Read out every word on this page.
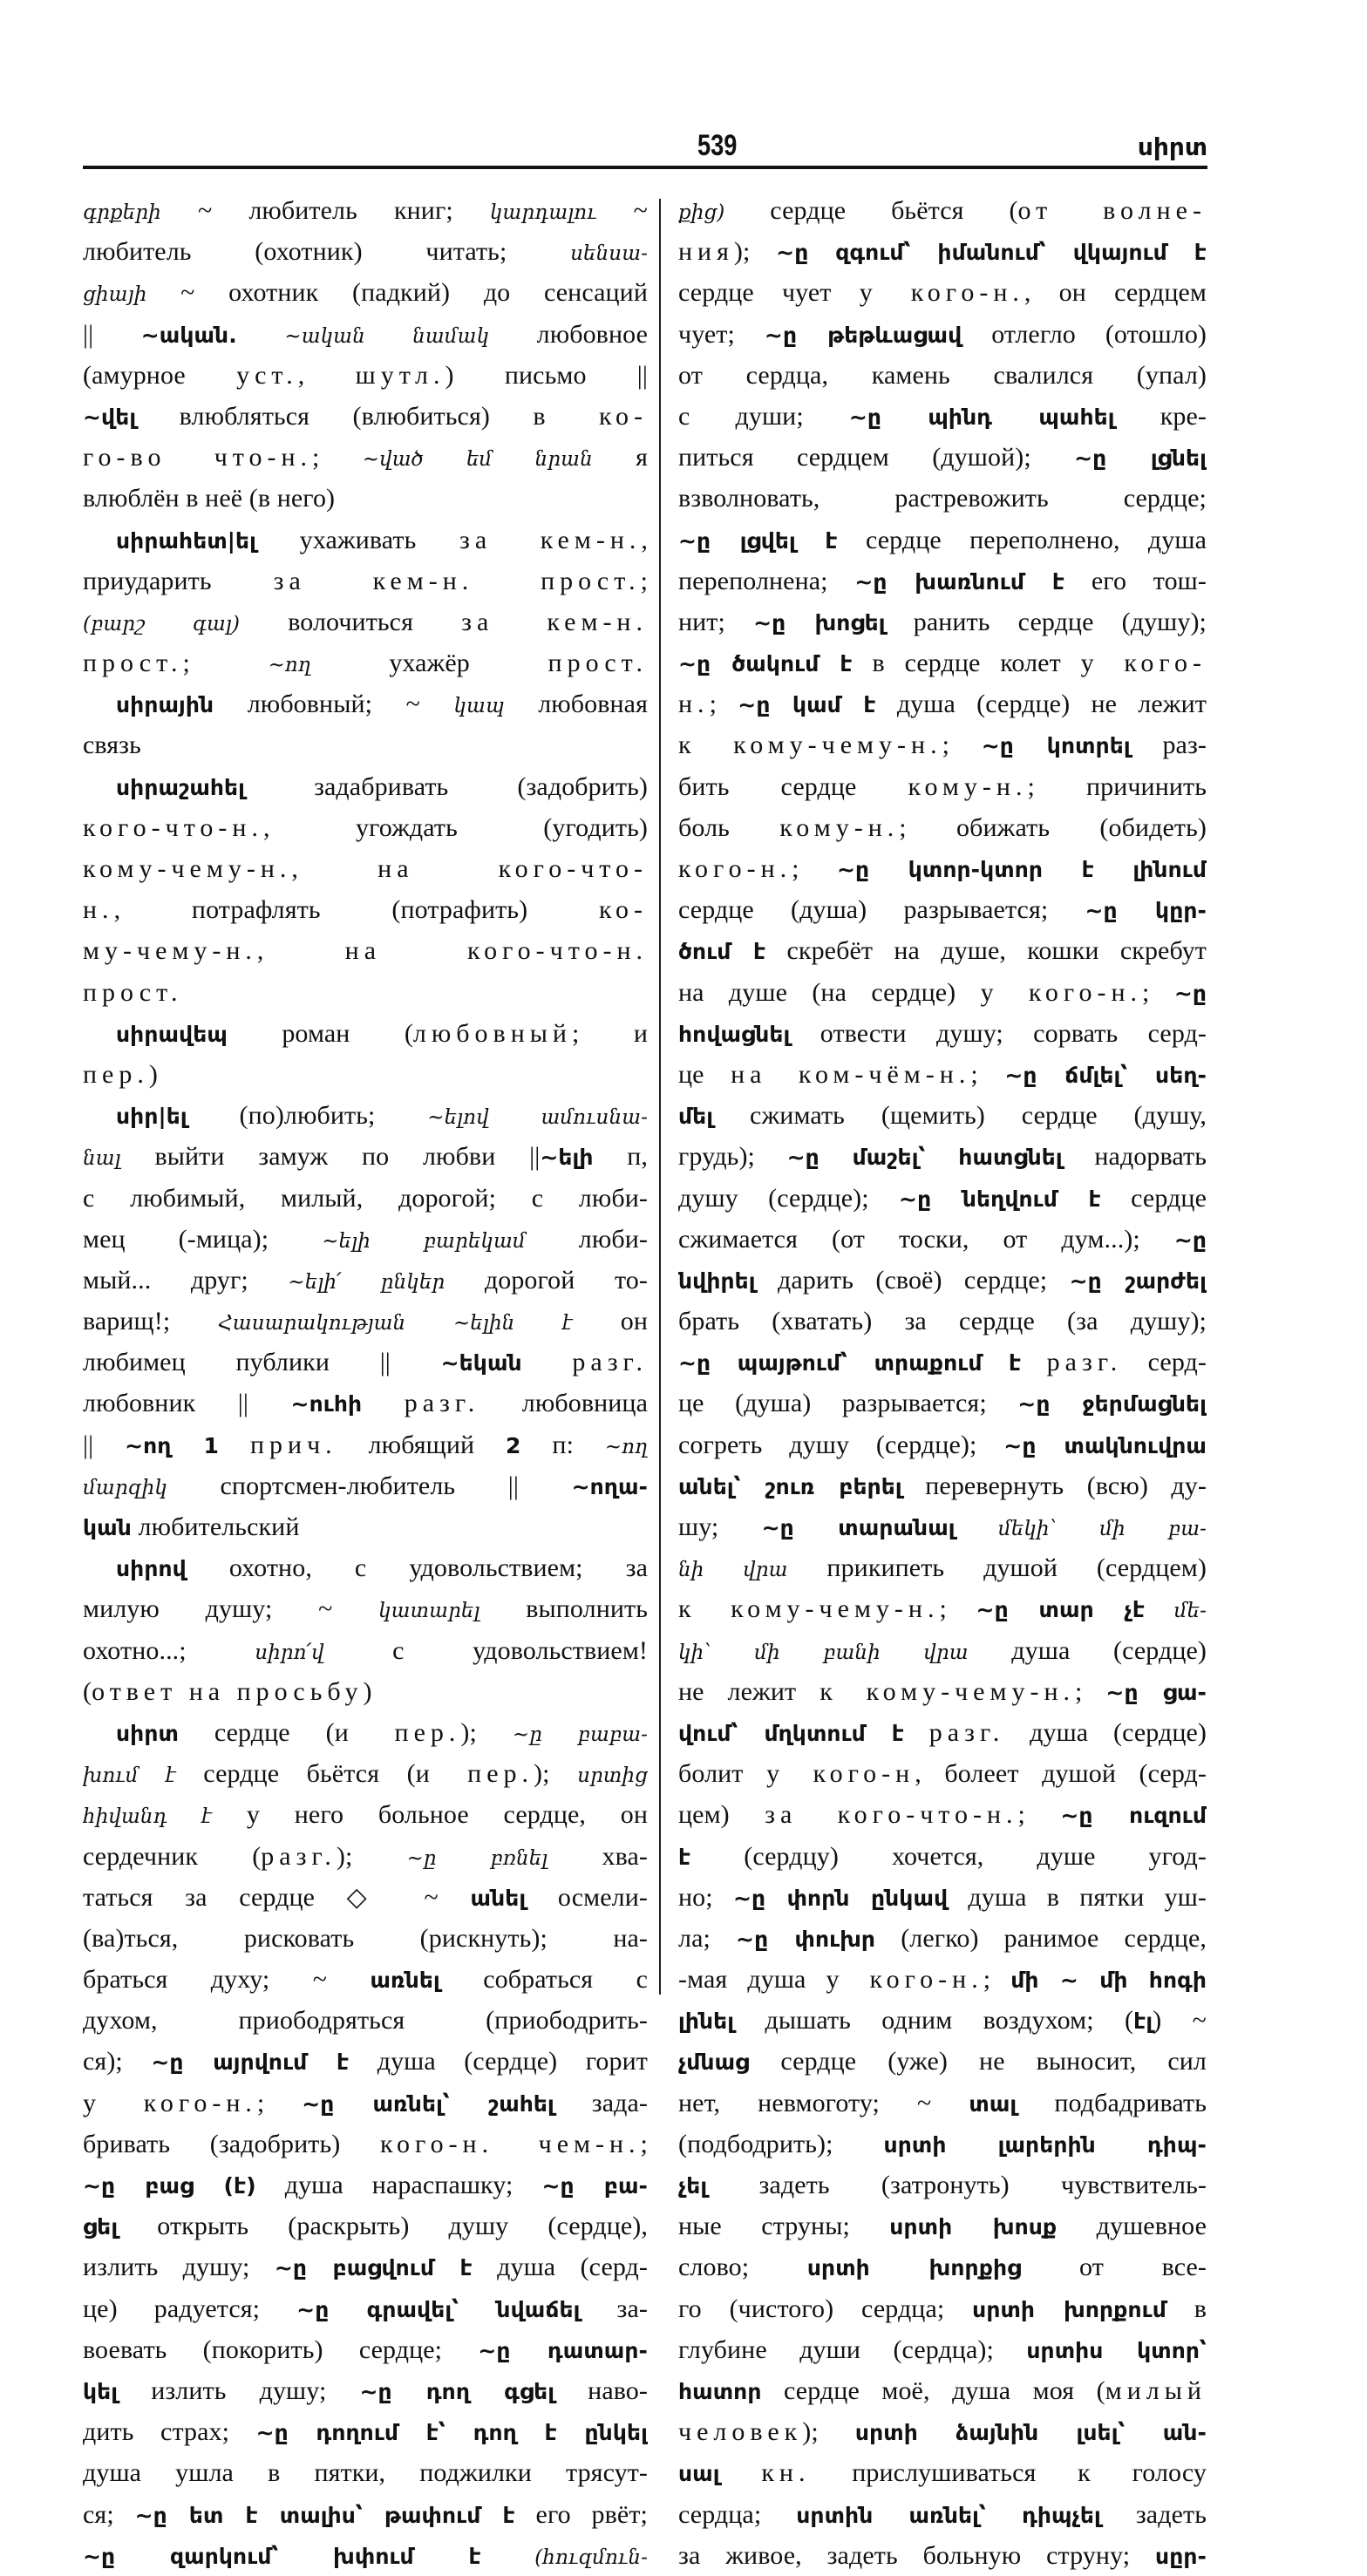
539	սիրտ
գրքերի ~ любитель книг; կարդալու ~
любитель (охотник) читать; սենսա-
ցիայի ~ охотник (падкий) до сенсаций
|| ~ական. ~ական նամակ любовное
(амурное уст., шутл.) письмо ||
~վել влюбляться (влюбиться) в ко-
го-во что-н.; ~ված եմ նրան я
влюблён в неё (в него)
սիրահետ|ել ухаживать за кем-н.,
приударить за кем-н. прост.;
(բարշ գալ) волочиться за кем-н.
прост.; ~ող ухажёр прост.
սիրային любовный; ~ կապ любовная
связь
սիրաշահել задабривать (задобрить)
кого-что-н., угождать (угодить)
кому-чему-н., на кого-что-
н., потрафлять (потрафить) ко-
му-чему-н., на кого-что-н.
прост.
սիրավեպ роман (любовный; и
пер.)
սիր|ել (по)любить; ~ելով ամուսնա-
նալ выйти замуж по любви ||~ելի п,
с любимый, милый, дорогой; с люби-
мец (-мица); ~ելի բարեկամ люби-
мый... друг; ~ելի՛ ընկեր дорогой то-
варищ!; Հասարակության ~ելին է он
любимец публики || ~եկան разг.
любовник || ~ուհի разг. любовница
|| ~ող 1 прич. любящий 2 п: ~ող
մարզիկ спортсмен-любитель || ~ողա-
կան любительский
սիրով охотно, с удовольствием; за
милую душу; ~ կատարել выполнить
охотно...; սիրո՛վ с удовольствием!
(ответ на просьбу)
սիրտ сердце (и пер.); ~ը բաբա-
խում է сердце бьётся (и пер.); սրտից
հիվանդ է у него больное сердце, он
сердечник (разг.); ~ը բռնել хва-
таться за сердце ◇ ~ անել осмели-
(ва)ться, рисковать (рискнуть); на-
браться духу; ~ առնել собраться с
духом, приободряться (приободрить-
ся); ~ը այրվում է душа (сердце) горит
у кого-н.; ~ը առնել՝ շահել зада-
бривать (задобрить) кого-н. чем-н.;
~ը բաց (է) душа нараспашку; ~ը բա-
ցել открыть (раскрыть) душу (сердце),
излить душу; ~ը բացվում է душа (серд-
це) радуется; ~ը գրավել՝ նվաճել за-
воевать (покорить) сердце; ~ը դատար-
կել излить душу; ~ը դող գցել наво-
дить страх; ~ը դողում է՝ դող է ընկել
душа ушла в пятки, поджилки трясут-
ся; ~ը ետ է տալիս՝ թափում է его рвёт;
~ը զարկում՝ խփում է	(հուզմուն-
քից) сердце бьётся (от волне-
ния); ~ը զգում՝ իմանում՝ վկայում է
сердце чует у кого-н., он сердцем
чует; ~ը թեթևացավ отлегло (отошло)
от сердца, камень свалился (упал)
с души; ~ը պինդ պահել кре-
питься сердцем (душой); ~ը լցնել
взволновать, растревожить сердце;
~ը լցվել է сердце переполнено, душа
переполнена; ~ը խառնում է его тош-
нит; ~ը խոցել ранить сердце (душу);
~ը ծակում է в сердце колет у кого-
н.; ~ը կամ է душа (сердце) не лежит
к кому-чему-н.; ~ը կոտրել раз-
бить сердце кому-н.; причинить
боль кому-н.; обижать (обидеть)
кого-н.; ~ը կտոր-կտոր է լինում
сердце (душа) разрывается; ~ը կըր-
ծում է скребёт на душе, кошки скребут
на душе (на сердце) у кого-н.; ~ը
հովացնել отвести душу; сорвать серд-
це на ком-чём-н.; ~ը ճմլել՝ սեղ-
մել сжимать (щемить) сердце (душу,
грудь); ~ը մաշել՝ հատցնել надорвать
душу (сердце); ~ը նեղվում է сердце
сжимается (от тоски, от дум...); ~ը
նվիրել дарить (своё) сердце; ~ը շարժել
брать (хватать) за сердце (за душу);
~ը պայթում՝ տրաքում է разг. серд-
це (душа) разрывается; ~ը ջերմացնել
согреть душу (сердце); ~ը տակնուվրա
անել՝ շուռ բերել перевернуть (всю) ду-
шу; ~ը տարանալ մեկի՝ մի բա-
նի վրա прикипеть душой (сердцем)
к кому-чему-н.; ~ը տար չէ մե-
կի՝ մի բանի վրա душа (сердце)
не лежит к кому-чему-н.; ~ը ցա-
վում՝ մղկտում է разг. душа (сердце)
болит у кого-н, болеет душой (серд-
цем) за кого-что-н.; ~ը ուզում
է (сердцу) хочется, душе угод-
но; ~ը փորն ընկավ душа в пятки уш-
ла; ~ը փուխր (легко) ранимое сердце,
-мая душа у кого-н.; մի ~ մի հոգի
լինել дышать одним воздухом; (էլ) ~
չմնաց сердце (уже) не выносит, сил
нет, невмоготу; ~ տալ подбадривать
(подбодрить); սրտի լարերին դիպ-
չել задеть (затронуть) чувствитель-
ные струны; սրտի խոսք душевное
слово; սրտի խորքից от все-
го (чистого) сердца; սրտի խորքում в
глубине души (сердца); սրտիս կտոր՝
հատոր сердце моё, душа моя (милый
человек); սրտի ձայնին լսել՝ ան-
սալ кн. прислушиваться к голосу
сердца; սրտին առնել՝ դիպչել задеть
за живое, задеть больную струну; սըր-
